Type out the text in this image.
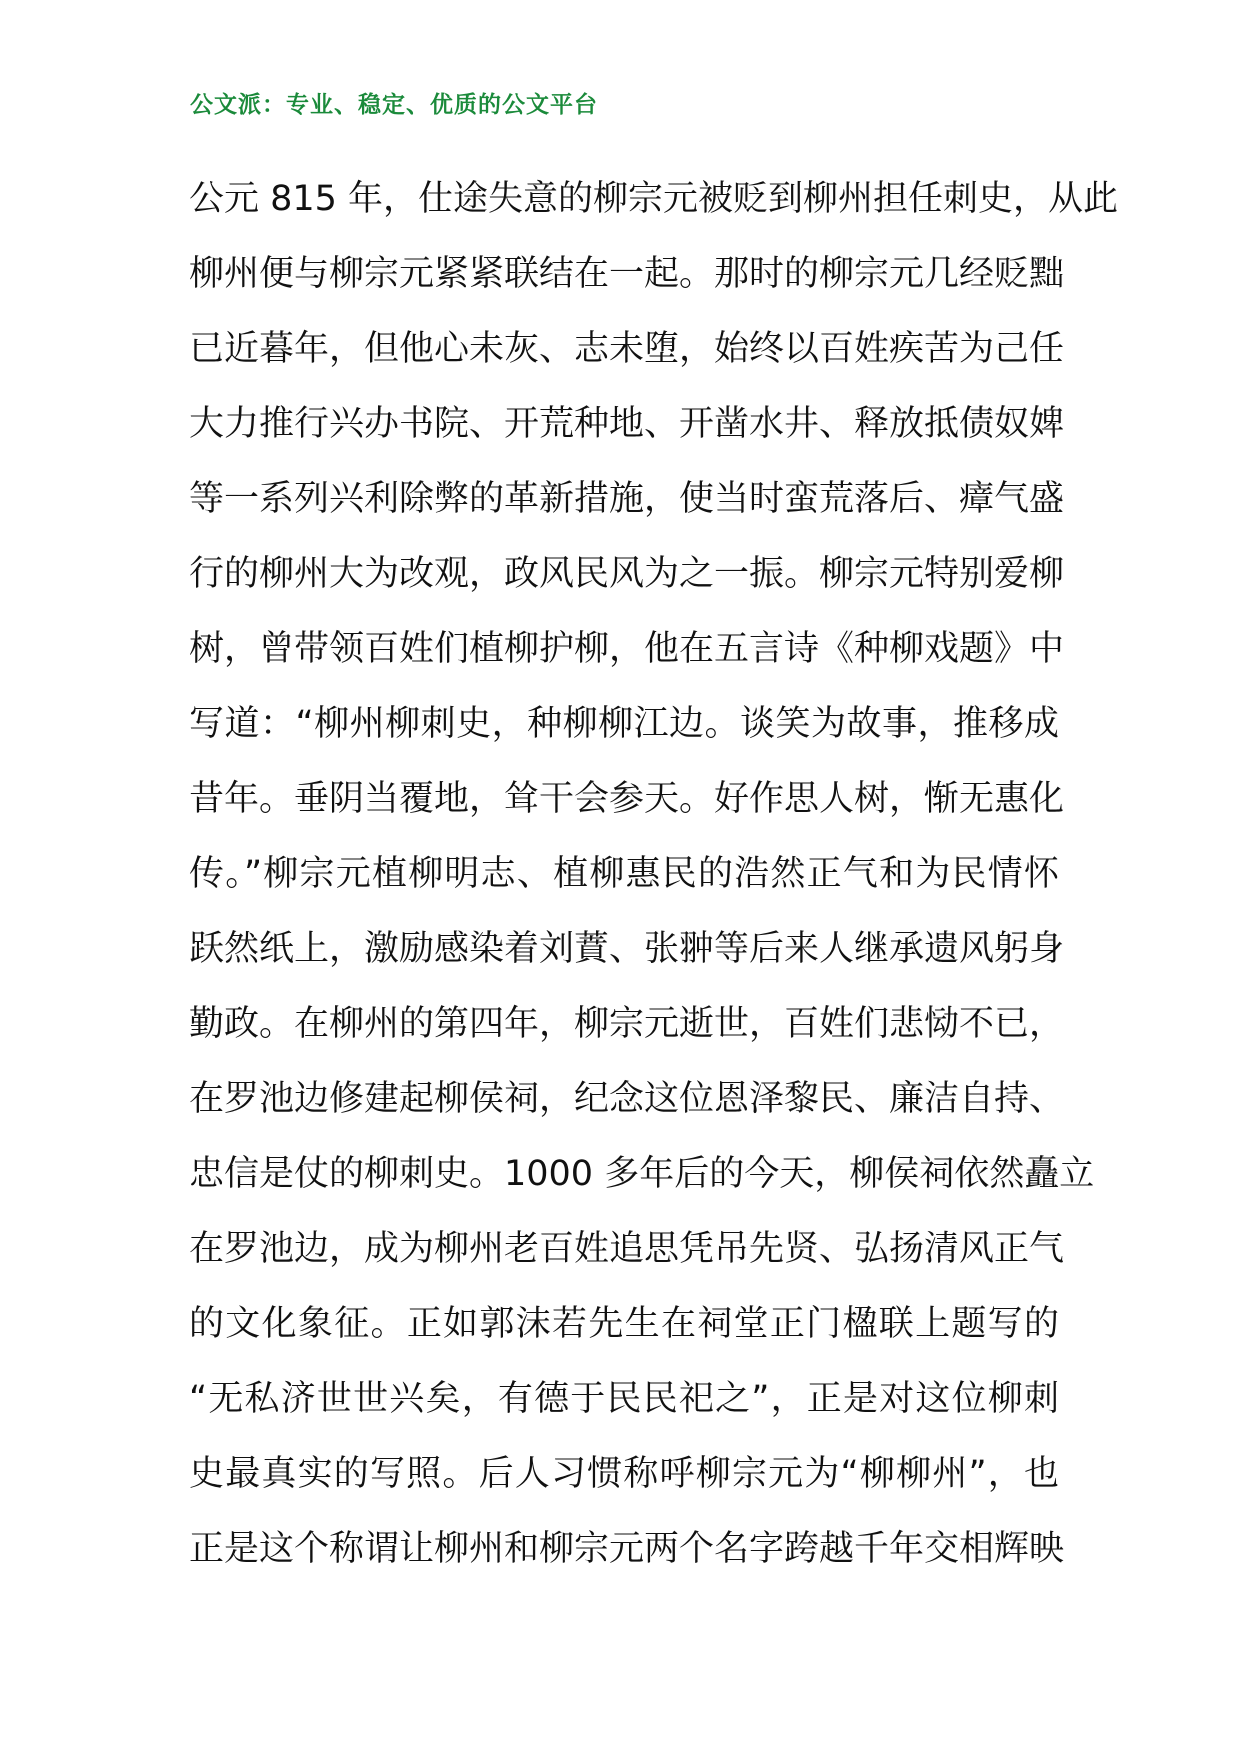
公文派：专业、稳定、优质的公文平台
公元 815 年，仕途失意的柳宗元被贬到柳州担任刺史，从此
柳州便与柳宗元紧紧联结在一起。那时的柳宗元几经贬黜
已近暮年，但他心未灰、志未堕，始终以百姓疾苦为己任
大力推行兴办书院、开荒种地、开凿水井、释放抵债奴婢
等一系列兴利除弊的革新措施，使当时蛮荒落后、瘴气盛
行的柳州大为改观，政风民风为之一振。柳宗元特别爱柳
树，曾带领百姓们植柳护柳，他在五言诗《种柳戏题》中
写道：“柳州柳刺史，种柳柳江边。谈笑为故事，推移成
昔年。垂阴当覆地，耸干会参天。好作思人树，惭无惠化
传。”柳宗元植柳明志、植柳惠民的浩然正气和为民情怀
跃然纸上，激励感染着刘蕡、张翀等后来人继承遗风躬身
勤政。在柳州的第四年，柳宗元逝世，百姓们悲恸不已，
在罗池边修建起柳侯祠，纪念这位恩泽黎民、廉洁自持、
忠信是仗的柳刺史。1000 多年后的今天，柳侯祠依然矗立
在罗池边，成为柳州老百姓追思凭吊先贤、弘扬清风正气
的文化象征。正如郭沫若先生在祠堂正门楹联上题写的
“无私济世世兴矣，有德于民民祀之”，正是对这位柳刺
史最真实的写照。后人习惯称呼柳宗元为“柳柳州”，也
正是这个称谓让柳州和柳宗元两个名字跨越千年交相辉映
